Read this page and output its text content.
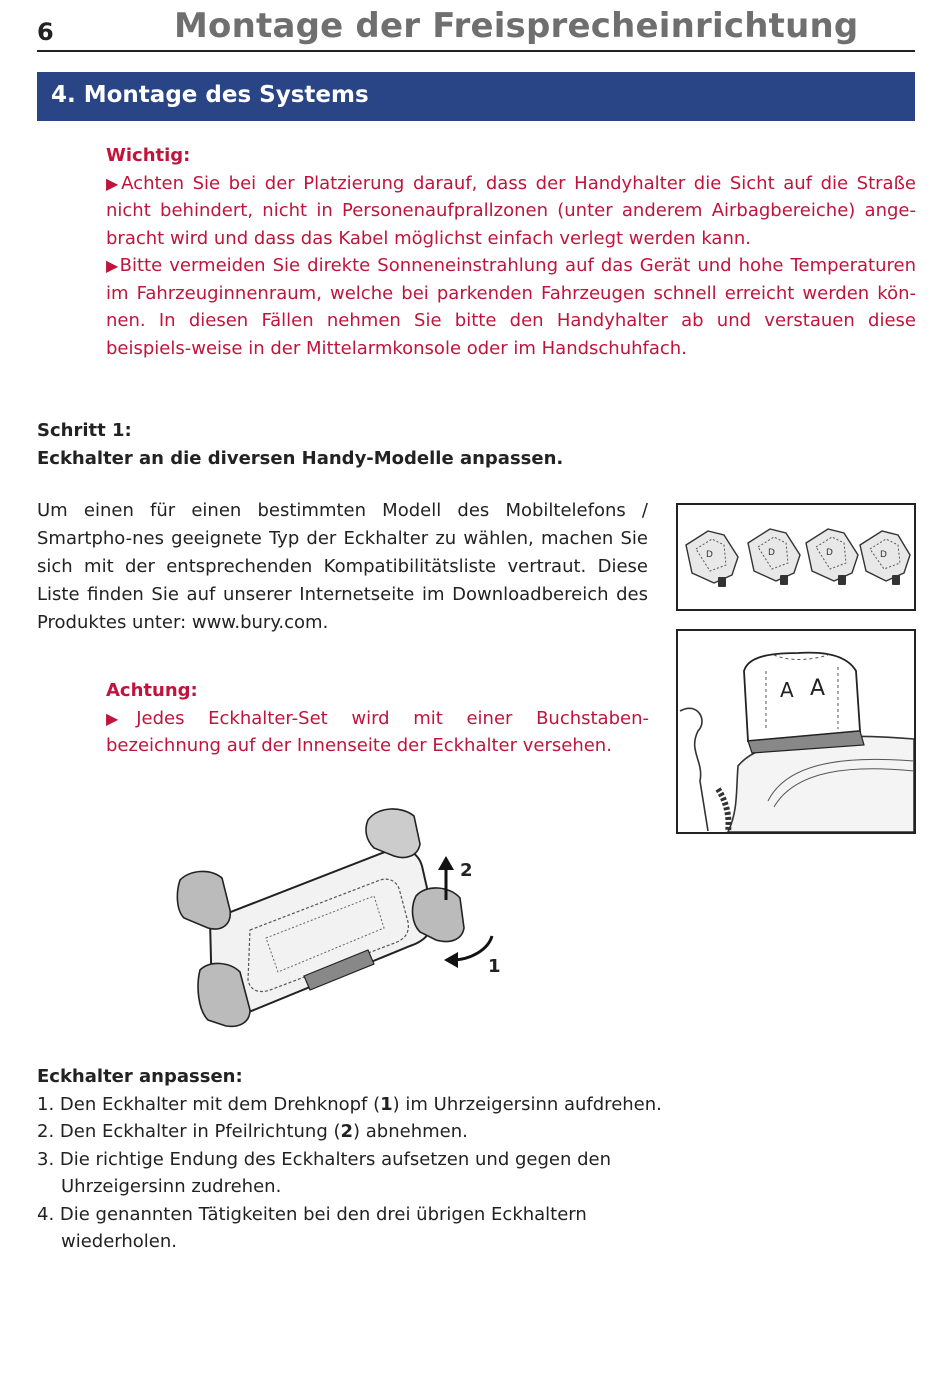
6	Montage der Freisprecheinrichtung
4. Montage des Systems
Wichtig:

▶Achten Sie bei der Platzierung darauf, dass der Handyhalter die Sicht auf die Straße nicht behindert, nicht in Personenaufprallzonen (unter anderem Airbagbereiche) ange-bracht wird und dass das Kabel möglichst einfach verlegt werden kann.

▶Bitte vermeiden Sie direkte Sonneneinstrahlung auf das Gerät und hohe Temperaturen im Fahrzeuginnenraum, welche bei parkenden Fahrzeugen schnell erreicht werden kön-nen. In diesen Fällen nehmen Sie bitte den Handyhalter ab und verstauen diese beispiels-weise in der Mittelarmkonsole oder im Handschuhfach.

Schritt 1:
Eckhalter an die diversen Handy-Modelle anpassen.

Um einen für einen bestimmten Modell des Mobiltelefons / Smartpho-nes geeignete Typ der Eckhalter zu wählen, machen Sie sich mit der entsprechenden Kompatibilitätsliste vertraut. Diese Liste finden Sie auf unserer Internetseite im Downloadbereich des Produktes unter: www.bury.com.

Achtung:

▶Jedes Eckhalter-Set wird mit einer Buchstaben-bezeichnung auf der Innenseite der Eckhalter versehen.

D	D	D	D
A A
2
1
Eckhalter anpassen:
1. Den Eckhalter mit dem Drehknopf (1) im Uhrzeigersinn aufdrehen.
2. Den Eckhalter in Pfeilrichtung (2) abnehmen.
3. Die richtige Endung des Eckhalters aufsetzen und gegen den
Uhrzeigersinn zudrehen.
4. Die genannten Tätigkeiten bei den drei übrigen Eckhaltern
wiederholen.
